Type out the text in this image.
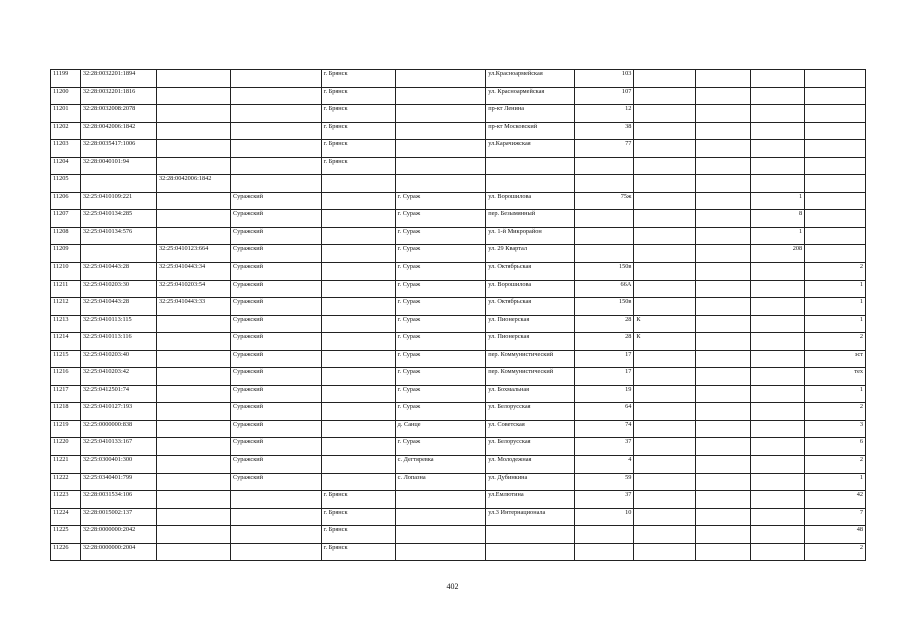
11199	32:28:0032201:1894			г. Брянск		ул.Красноармейская	103				
11200	32:28:0032201:1816			г. Брянск		ул. Красноармейская	107				
11201	32:28:0032008:2078			г. Брянск		пр-кт Ленина	12				
11202	32:28:0042006:1842			г. Брянск		пр-кт Московский	38				
11203	32:28:0035417:1006			г. Брянск		ул.Карачижская	77				
11204	32:28:0040101:94			г. Брянск							
11205		32:28:0042006:1842									
11206	32:25:0410109:221		Суражский		г. Сураж	ул. Ворошилова	75ж			1	
11207	32:25:0410134:285		Суражский		г. Сураж	пер. Безымянный				8	
11208	32:25:0410134:576		Суражский		г. Сураж	ул. 1-й Микрорайон				1	
11209		32:25:0410123:664	Суражский		г. Сураж	ул. 29 Квартал				208	
11210	32:25:0410443:28	32:25:0410443:34	Суражский		г. Сураж	ул. Октябрьская	150в				2
11211	32:25:0410203:30	32:25:0410203:54	Суражский		г. Сураж	ул. Ворошилова	66А				1
11212	32:25:0410443:28	32:25:0410443:33	Суражский		г. Сураж	ул. Октябрьская	150в				1
11213	32:25:0410113:115		Суражский		г. Сураж	ул. Пионерская	28	К			1
11214	32:25:0410113:116		Суражский		г. Сураж	ул. Пионерская	28	К			2
11215	32:25:0410203:40		Суражский		г. Сураж	пер. Коммунистический	17				эст
11216	32:25:0410203:42		Суражский		г. Сураж	пер. Коммунистический	17				тех
11217	32:25:0412501:74		Суражский		г. Сураж	ул. Бохмальная	19				1
11218	32:25:0410127:193		Суражский		г. Сураж	ул. Белорусская	64				2
11219	32:25:0000000:838		Суражский		д. Санце	ул. Советская	74				3
11220	32:25:0410133:167		Суражский		г. Сураж	ул. Белорусская	37				6
11221	32:25:0300401:300		Суражский		с. Дегтяревка	ул. Молодежная	4				2
11222	32:25:0340401:799		Суражский		с. Лопазна	ул. Дубинкина	59				1
11223	32:28:0031534:106			г. Брянск		ул.Емлютина	37				42
11224	32:28:0015002:137			г. Брянск		ул.3 Интернационала	10				7
11225	32:28:0000000:2042			г. Брянск							48
11226	32:28:0000000:2004			г. Брянск							2
402
